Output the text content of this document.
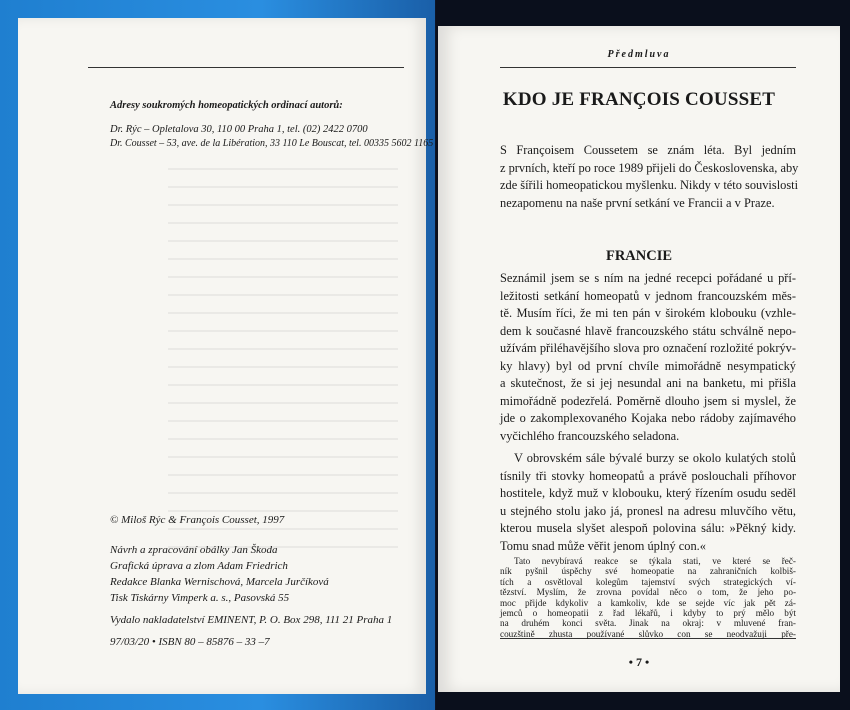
Adresy soukromých homeopatických ordinací autorů:
Dr. Rýc – Opletalova 30, 110 00 Praha 1, tel. (02) 2422 0700
Dr. Cousset – 53, ave. de la Libération, 33 110 Le Bouscat, tel. 00335 5602 1165
© Miloš Rýc & François Cousset, 1997
Návrh a zpracování obálky Jan Škoda
Grafická úprava a zlom Adam Friedrich
Redakce Blanka Wernischová, Marcela Jurčíková
Tisk Tiskárny Vimperk a. s., Pasovská 55
Vydalo nakladatelství EMINENT, P. O. Box 298, 111 21 Praha 1
97/03/20 • ISBN 80 – 85876 – 33 –7
Předmluva
KDO JE FRANÇOIS COUSSET
S Françoisem Coussetem se znám léta. Byl jedním
z prvních, kteří po roce 1989 přijeli do Československa, aby
zde šířili homeopatickou myšlenku. Nikdy v této souvislosti
nezapomenu na naše první setkání ve Francii a v Praze.
FRANCIE
Seznámil jsem se s ním na jedné recepci pořádané u pří-
ležitosti setkání homeopatů v jednom francouzském měs-
tě. Musím říci, že mi ten pán v širokém klobouku (vzhle-
dem k současné hlavě francouzského státu schválně nepo-
užívám přiléhavějšího slova pro označení rozložité pokrýv-
ky hlavy) byl od první chvíle mimořádně nesympatický
a skutečnost, že si jej nesundal ani na banketu, mi přišla
mimořádně podezřelá. Poměrně dlouho jsem si myslel, že
jde o zakomplexovaného Kojaka nebo rádoby zajímavého
vyčichlého francouzského seladona.
V obrovském sále bývalé burzy se okolo kulatých stolů
tísnily tři stovky homeopatů a právě poslouchali příhovor
hostitele, když muž v klobouku, který řízením osudu seděl
u stejného stolu jako já, pronesl na adresu mluvčího větu,
kterou musela slyšet alespoň polovina sálu: »Pěkný kidy.
Tomu snad může věřit jenom úplný con.«
Tato nevybíravá reakce se týkala stati, ve které se řeč-
ník pyšnil úspěchy své homeopatie na zahraničních kolbiš-
tích a osvětloval kolegům tajemství svých strategických ví-
tězství. Myslím, že zrovna povídal něco o tom, že jeho po-
• 7 •
moc přijde kdykoliv a kamkoliv, kde se sejde víc jak pět zá-
jemců o homeopatii z řad lékařů, i kdyby to prý mělo být
na druhém konci světa. Jinak na okraj: v mluvené fran-
couzštině zhusta používané slůvko con se neodvažuji pře-
